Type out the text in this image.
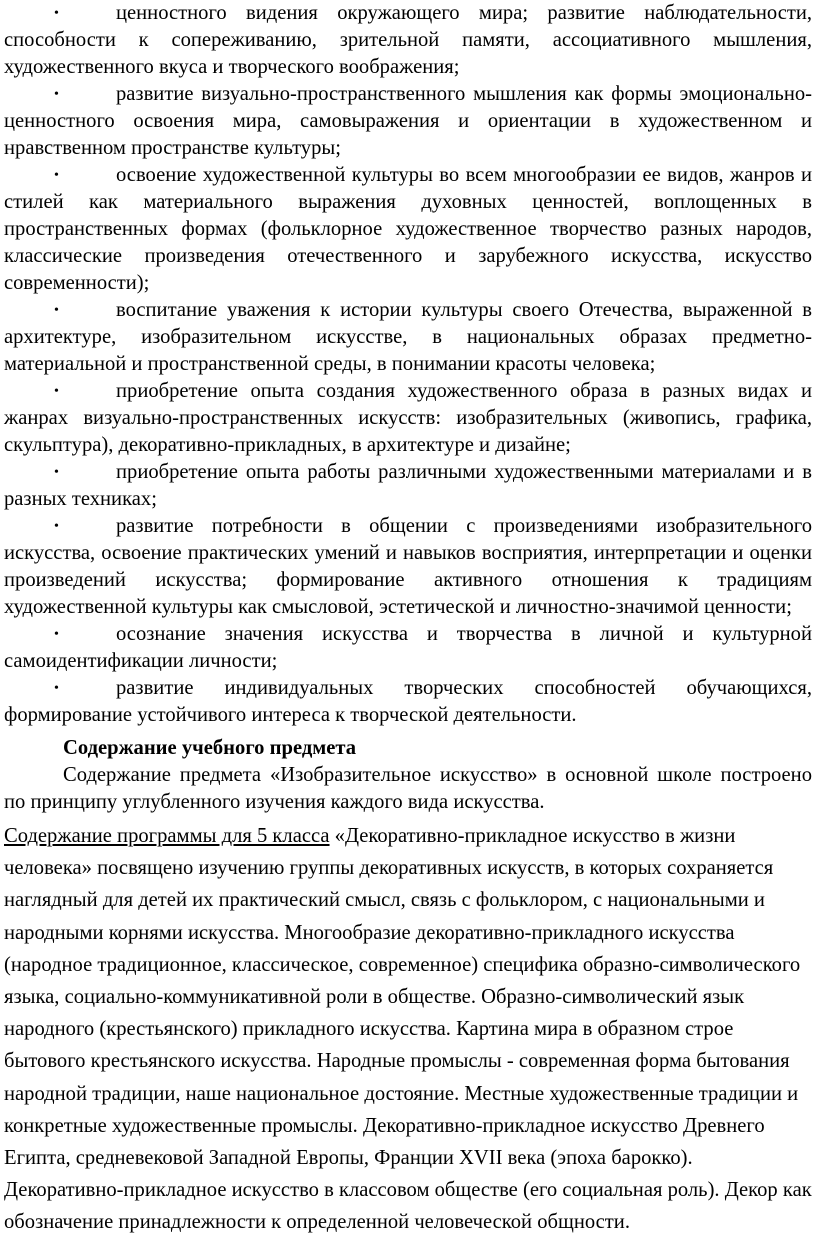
•	ценностного видения окружающего мира; развитие наблюдательности, способности к сопереживанию, зрительной памяти, ассоциативного мышления, художественного вкуса и творческого воображения;

•	развитие визуально-пространственного мышления как формы эмоционально-ценностного освоения мира, самовыражения и ориентации в художественном и нравственном пространстве культуры;

•	освоение художественной культуры во всем многообразии ее видов, жанров и стилей как материального выражения духовных ценностей, воплощенных в пространственных формах (фольклорное художественное творчество разных народов, классические произведения отечественного и зарубежного искусства, искусство современности);

•	воспитание уважения к истории культуры своего Отечества, выраженной в архитектуре, изобразительном искусстве, в национальных образах предметно-материальной и пространственной среды, в понимании красоты человека;

•	приобретение опыта создания художественного образа в разных видах и жанрах визуально-пространственных искусств: изобразительных (живопись, графика, скульптура), декоративно-прикладных, в архитектуре и дизайне;

•	приобретение опыта работы различными художественными материалами и в разных техниках;

•	развитие потребности в общении с произведениями изобразительного искусства, освоение практических умений и навыков восприятия, интерпретации и оценки произведений искусства; формирование активного отношения к традициям художественной культуры как смысловой, эстетической и личностно-значимой ценности;

•	осознание значения искусства и творчества в личной и культурной самоидентификации личности;

•	развитие индивидуальных творческих способностей обучающихся, формирование устойчивого интереса к творческой деятельности.

Содержание учебного предмета

Содержание предмета «Изобразительное искусство» в основной школе построено по принципу углубленного изучения каждого вида искусства.

Содержание программы для 5 класса «Декоративно-прикладное искусство в жизни человека» посвящено изучению группы декоративных искусств, в которых сохраняется наглядный для детей их практический смысл, связь с фольклором, с национальными и народными корнями искусства. Многообразие декоративно-прикладного искусства (народное традиционное, классическое, современное) специфика образно-символического языка, социально-коммуникативной роли в обществе. Образно-символический язык народного (крестьянского) прикладного искусства. Картина мира в образном строе бытового крестьянского искусства. Народные промыслы - современная форма бытования народной традиции, наше национальное достояние. Местные художественные традиции и конкретные художественные промыслы. Декоративно-прикладное искусство Древнего Египта, средневековой Западной Европы, Франции XVII века (эпоха барокко). Декоративно-прикладное искусство в классовом обществе (его социальная роль). Декор как обозначение принадлежности к определенной человеческой общности.
